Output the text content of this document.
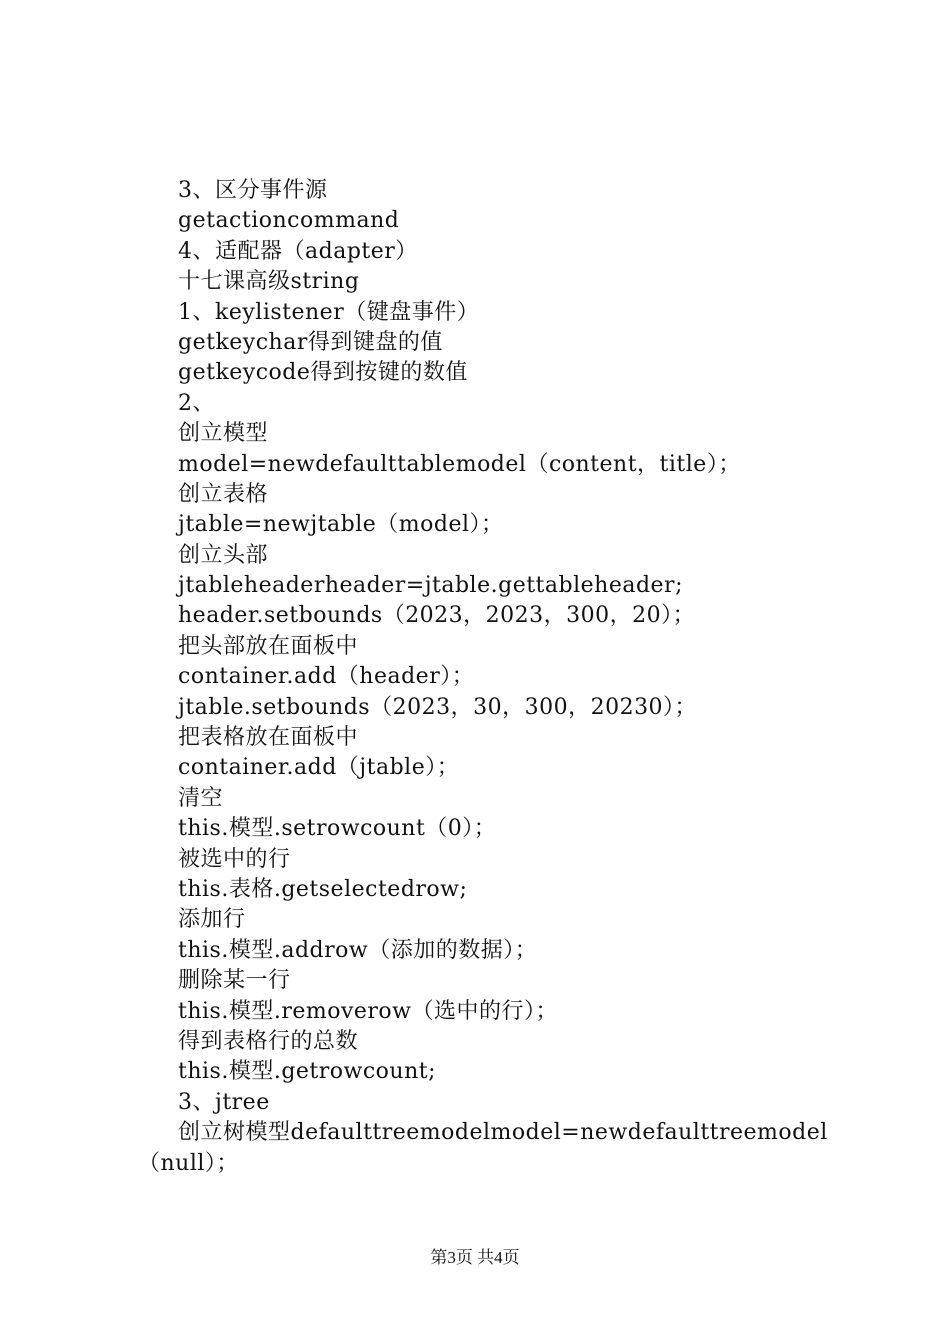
3、区分事件源
getactioncommand
4、适配器（adapter）
十七课高级string
1、keylistener（键盘事件）
getkeychar得到键盘的值
getkeycode得到按键的数值
2、
创立模型
model=newdefaulttablemodel（content，title）；
创立表格
jtable=newjtable（model）；
创立头部
jtableheaderheader=jtable.gettableheader;
header.setbounds（2023，2023，300，20）；
把头部放在面板中
container.add（header）；
jtable.setbounds（2023，30，300，20230）；
把表格放在面板中
container.add（jtable）；
清空
this.模型.setrowcount（0）；
被选中的行
this.表格.getselectedrow;
添加行
this.模型.addrow（添加的数据）；
删除某一行
this.模型.removerow（选中的行）；
得到表格行的总数
this.模型.getrowcount;
3、jtree
创立树模型defaulttreemodelmodel=newdefaulttreemodel
（null）；
第3页 共4页
